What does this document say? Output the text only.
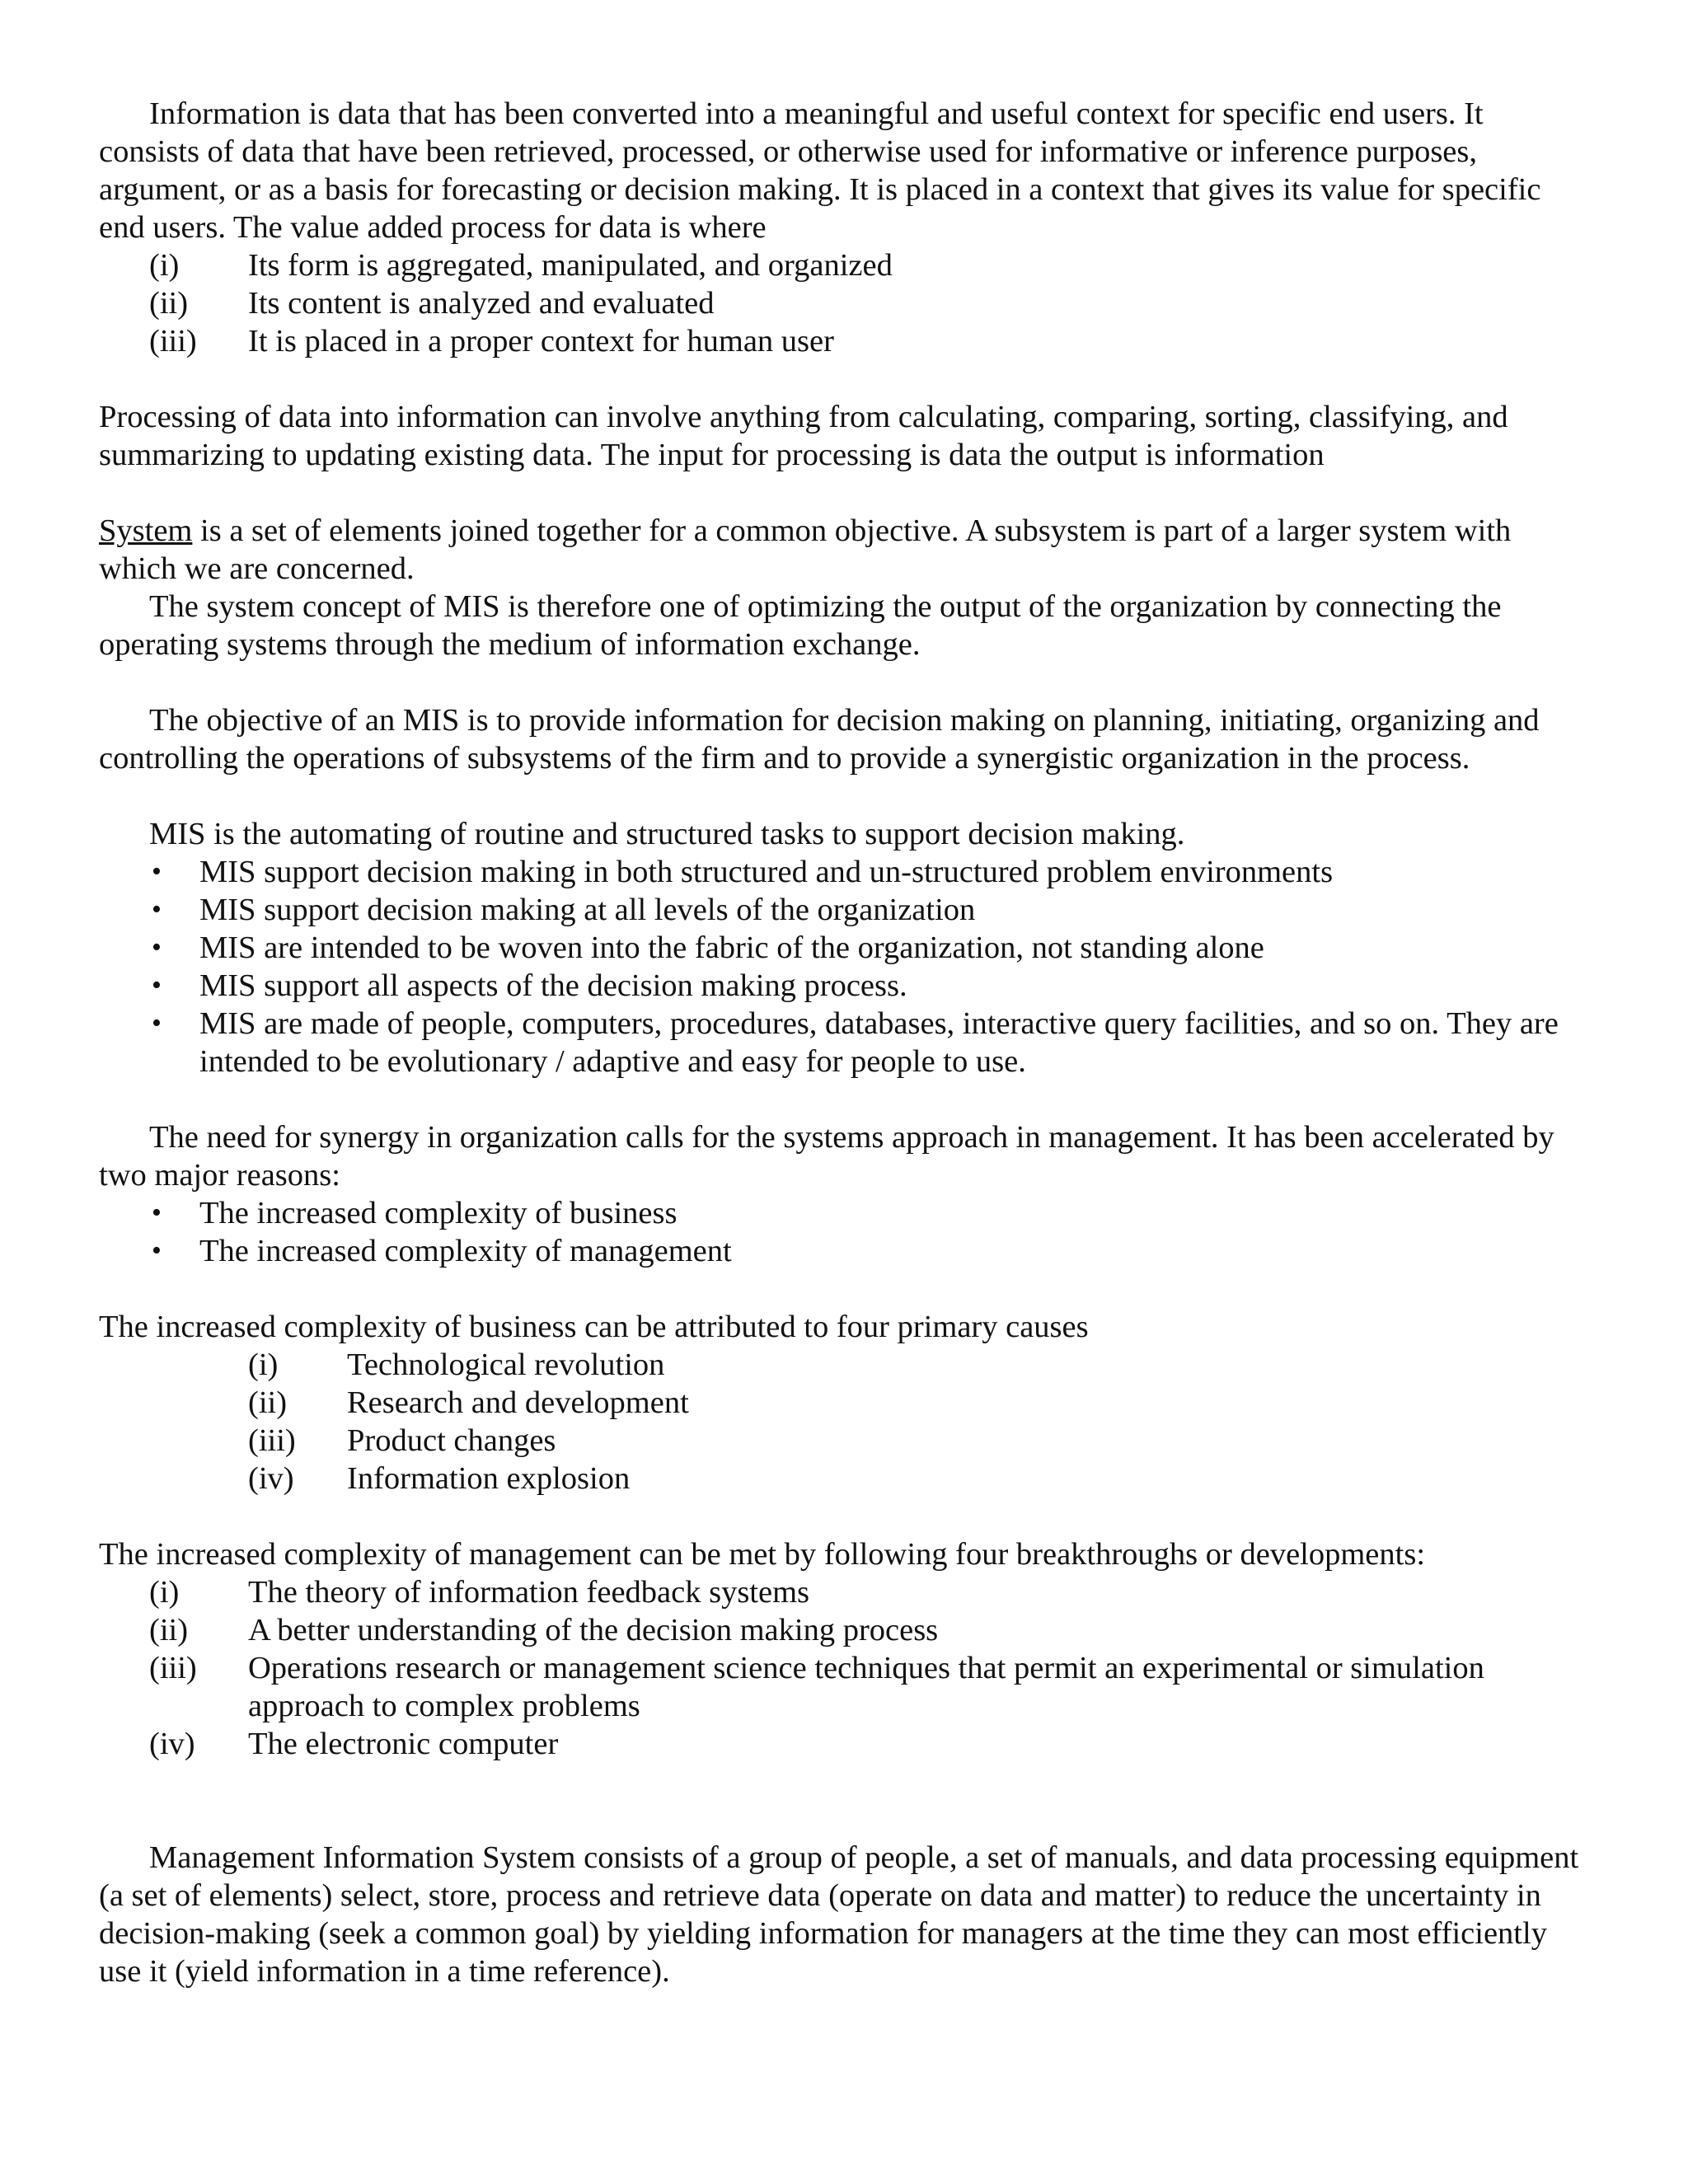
Information is data that has been converted into a meaningful and useful context for specific end users. It consists of data that have been retrieved, processed, or otherwise used for informative or inference purposes, argument, or as a basis for forecasting or decision making. It is placed in a context that gives its value for specific end users. The value added process for data is where

(i)	Its form is aggregated, manipulated, and organized
(ii)	Its content is analyzed and evaluated
(iii)	It is placed in a proper context for human user

Processing of data into information can involve anything from calculating, comparing, sorting, classifying, and summarizing to updating existing data. The input for processing is data the output is information

System is a set of elements joined together for a common objective. A subsystem is part of a larger system with which we are concerned.

The system concept of MIS is therefore one of optimizing the output of the organization by connecting the operating systems through the medium of information exchange.

The objective of an MIS is to provide information for decision making on planning, initiating, organizing and controlling the operations of subsystems of the firm and to provide a synergistic organization in the process.

MIS is the automating of routine and structured tasks to support decision making.

•	MIS support decision making in both structured and un-structured problem environments
•	MIS support decision making at all levels of the organization
•	MIS are intended to be woven into the fabric of the organization, not standing alone
•	MIS support all aspects of the decision making process.
•	MIS are made of people, computers, procedures, databases, interactive query facilities, and so on. They are intended to be evolutionary / adaptive and easy for people to use.

The need for synergy in organization calls for the systems approach in management. It has been accelerated by two major reasons:

•	The increased complexity of business
•	The increased complexity of management

The increased complexity of business can be attributed to four primary causes

(i)	Technological revolution
(ii)	Research and development
(iii)	Product changes
(iv)	Information explosion

The increased complexity of management can be met by following four breakthroughs or developments:

(i)	The theory of information feedback systems
(ii)	A better understanding of the decision making process
(iii)	Operations research or management science techniques that permit an experimental or simulation approach to complex problems
(iv)	The electronic computer

Management Information System consists of a group of people, a set of manuals, and data processing equipment (a set of elements) select, store, process and retrieve data (operate on data and matter) to reduce the uncertainty in decision-making (seek a common goal) by yielding information for managers at the time they can most efficiently use it (yield information in a time reference).
